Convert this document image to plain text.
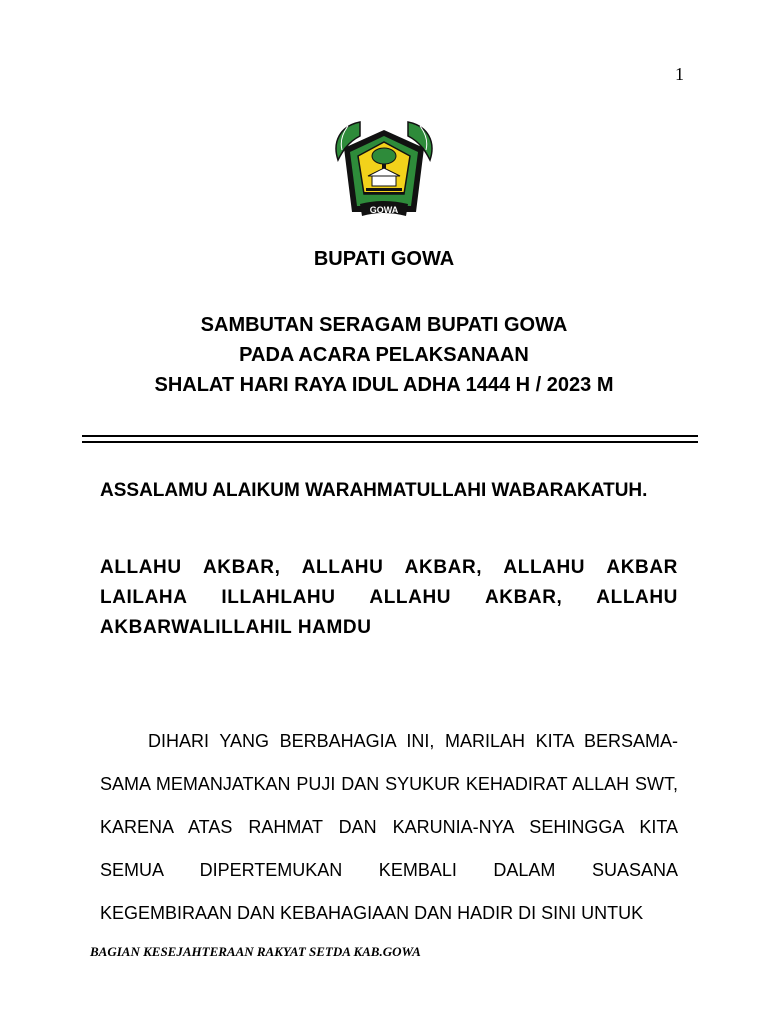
1
GOWA
BUPATI GOWA
SAMBUTAN SERAGAM BUPATI GOWA
PADA ACARA PELAKSANAAN
SHALAT HARI RAYA IDUL ADHA 1444 H / 2023 M
ASSALAMU ALAIKUM WARAHMATULLAHI WABARAKATUH.
ALLAHU AKBAR, ALLAHU AKBAR, ALLAHU AKBAR LAILAHA ILLAHLAHU ALLAHU AKBAR, ALLAHU AKBARWALILLAHIL HAMDU
DIHARI YANG BERBAHAGIA INI, MARILAH KITA BERSAMA-SAMA MEMANJATKAN PUJI DAN SYUKUR KEHADIRAT ALLAH SWT, KARENA ATAS RAHMAT DAN KARUNIA-NYA SEHINGGA KITA SEMUA DIPERTEMUKAN KEMBALI DALAM SUASANA KEGEMBIRAAN DAN KEBAHAGIAAN DAN HADIR DI SINI UNTUK
BAGIAN KESEJAHTERAAN RAKYAT SETDA KAB.GOWA
